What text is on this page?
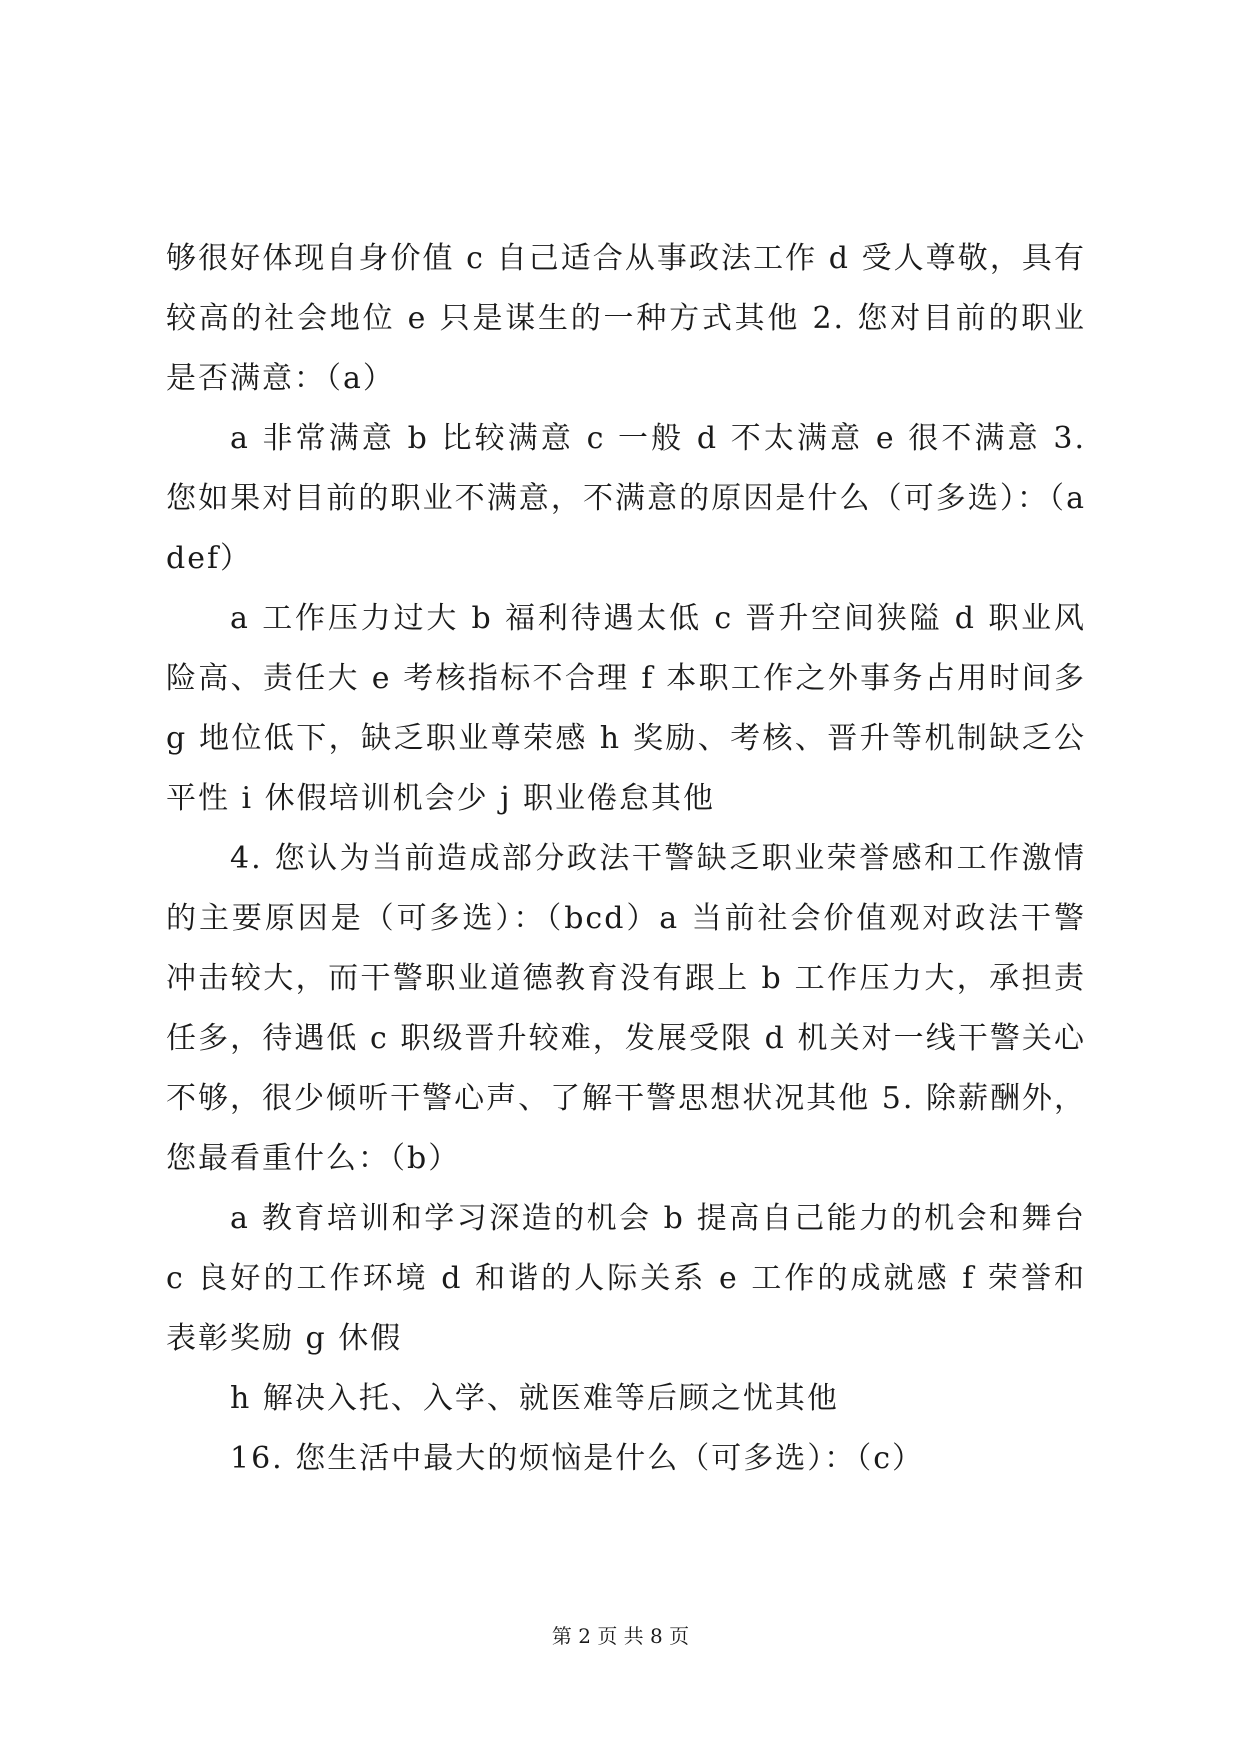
够很好体现自身价值 c 自己适合从事政法工作 d 受人尊敬，具有较高的社会地位 e 只是谋生的一种方式其他 2. 您对目前的职业是否满意：（a）

a 非常满意 b 比较满意 c 一般 d 不太满意 e 很不满意 3. 您如果对目前的职业不满意，不满意的原因是什么（可多选）：（adef）

a 工作压力过大 b 福利待遇太低 c 晋升空间狭隘 d 职业风险高、责任大 e 考核指标不合理 f 本职工作之外事务占用时间多 g 地位低下，缺乏职业尊荣感 h 奖励、考核、晋升等机制缺乏公平性 i 休假培训机会少 j 职业倦怠其他

4. 您认为当前造成部分政法干警缺乏职业荣誉感和工作激情的主要原因是（可多选）：（bcd）a 当前社会价值观对政法干警冲击较大，而干警职业道德教育没有跟上 b 工作压力大，承担责任多，待遇低 c 职级晋升较难，发展受限 d 机关对一线干警关心不够，很少倾听干警心声、了解干警思想状况其他 5. 除薪酬外，您最看重什么：（b）

a 教育培训和学习深造的机会 b 提高自己能力的机会和舞台 c 良好的工作环境 d 和谐的人际关系 e 工作的成就感 f 荣誉和表彰奖励 g 休假

h 解决入托、入学、就医难等后顾之忧其他

16. 您生活中最大的烦恼是什么（可多选）：（c）

第 2 页 共 8 页
